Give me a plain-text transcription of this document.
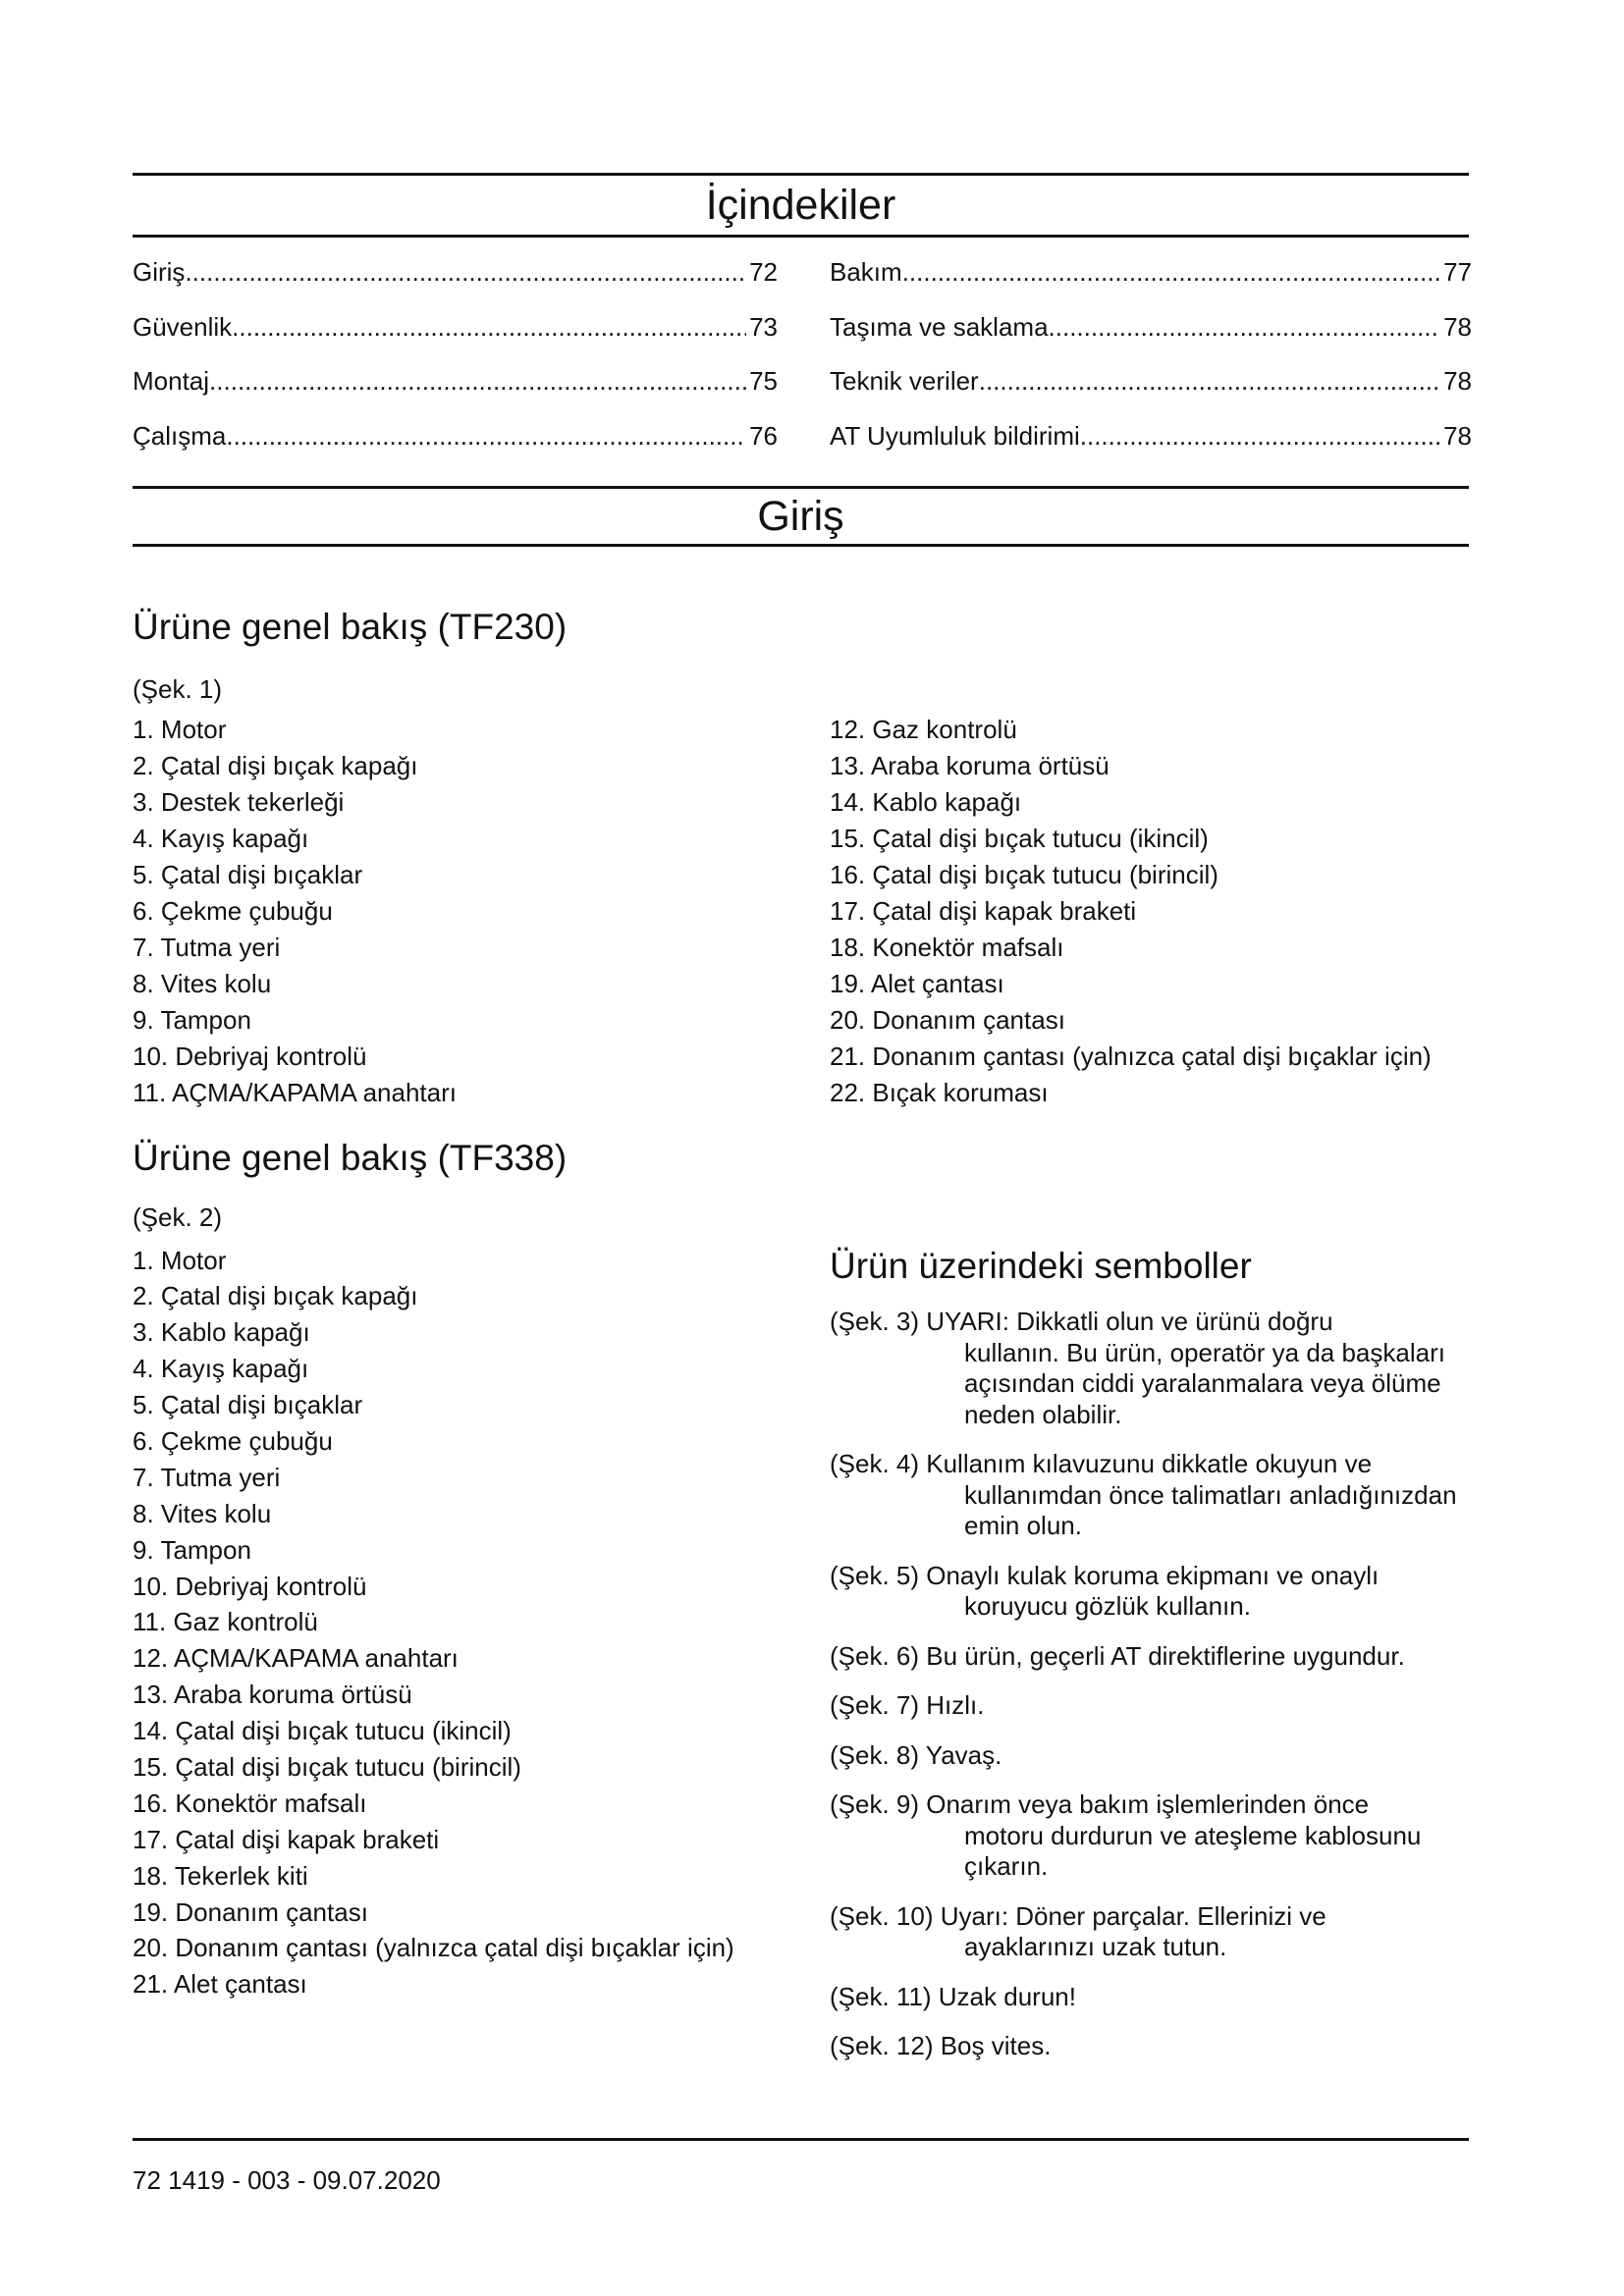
İçindekiler
Giriş .....	72
Güvenlik .....	73
Montaj .....	75
Çalışma .....	76
Bakım .....	77
Taşıma ve saklama .....	78
Teknik veriler .....	78
AT Uyumluluk bildirimi .....	78
Giriş
Ürüne genel bakış (TF230)
(Şek. 1)
1. Motor
2. Çatal dişi bıçak kapağı
3. Destek tekerleği
4. Kayış kapağı
5. Çatal dişi bıçaklar
6. Çekme çubuğu
7. Tutma yeri
8. Vites kolu
9. Tampon
10. Debriyaj kontrolü
11. AÇMA/KAPAMA anahtarı
12. Gaz kontrolü
13. Araba koruma örtüsü
14. Kablo kapağı
15. Çatal dişi bıçak tutucu (ikincil)
16. Çatal dişi bıçak tutucu (birincil)
17. Çatal dişi kapak braketi
18. Konektör mafsalı
19. Alet çantası
20. Donanım çantası
21. Donanım çantası (yalnızca çatal dişi bıçaklar için)
22. Bıçak koruması
Ürüne genel bakış (TF338)
(Şek. 2)
1. Motor
2. Çatal dişi bıçak kapağı
3. Kablo kapağı
4. Kayış kapağı
5. Çatal dişi bıçaklar
6. Çekme çubuğu
7. Tutma yeri
8. Vites kolu
9. Tampon
10. Debriyaj kontrolü
11. Gaz kontrolü
12. AÇMA/KAPAMA anahtarı
13. Araba koruma örtüsü
14. Çatal dişi bıçak tutucu (ikincil)
15. Çatal dişi bıçak tutucu (birincil)
16. Konektör mafsalı
17. Çatal dişi kapak braketi
18. Tekerlek kiti
19. Donanım çantası
20. Donanım çantası (yalnızca çatal dişi bıçaklar için)
21. Alet çantası
Ürün üzerindeki semboller
(Şek. 3) UYARI: Dikkatli olun ve ürünü doğru
kullanın. Bu ürün, operatör ya da başkaları
açısından ciddi yaralanmalara veya ölüme
neden olabilir.
(Şek. 4) Kullanım kılavuzunu dikkatle okuyun ve
kullanımdan önce talimatları anladığınızdan
emin olun.
(Şek. 5) Onaylı kulak koruma ekipmanı ve onaylı
koruyucu gözlük kullanın.
(Şek. 6) Bu ürün, geçerli AT direktiflerine uygundur.
(Şek. 7) Hızlı.
(Şek. 8) Yavaş.
(Şek. 9) Onarım veya bakım işlemlerinden önce
motoru durdurun ve ateşleme kablosunu
çıkarın.
(Şek. 10) Uyarı: Döner parçalar. Ellerinizi ve
ayaklarınızı uzak tutun.
(Şek. 11) Uzak durun!
(Şek. 12) Boş vites.
72 1419 - 003 - 09.07.2020
